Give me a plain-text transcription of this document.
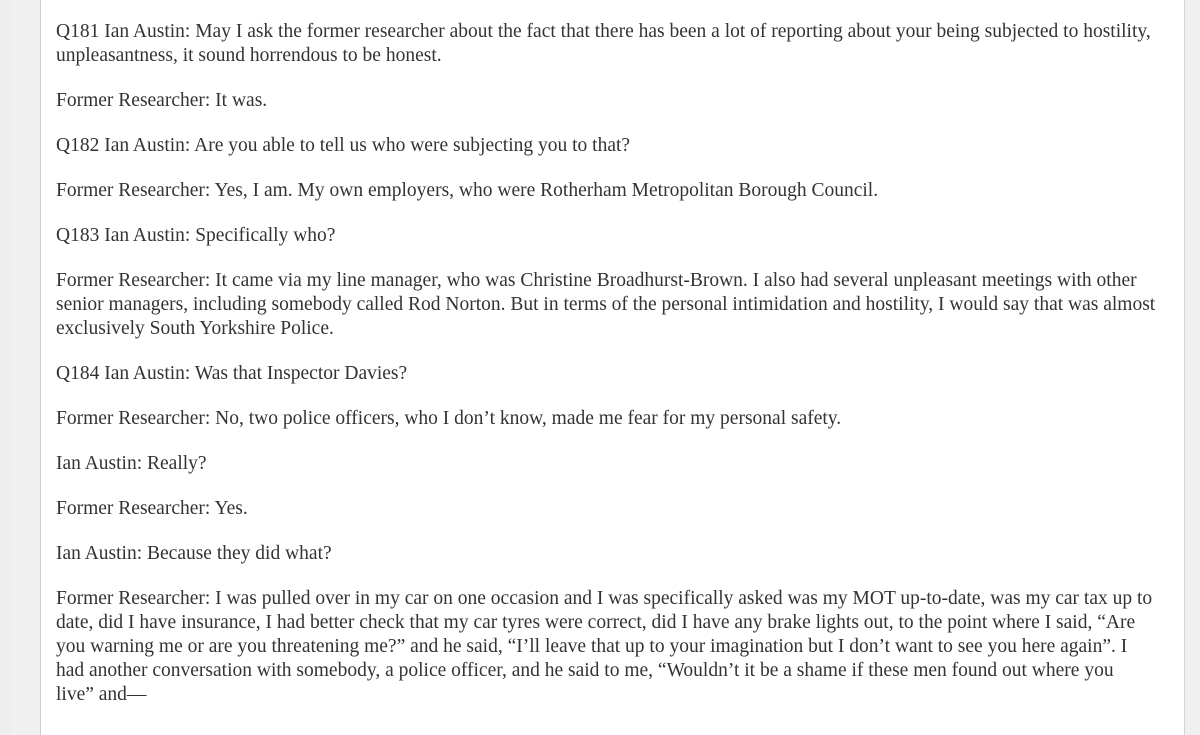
Q181 Ian Austin: May I ask the former researcher about the fact that there has been a lot of reporting about your being subjected to hostility, unpleasantness, it sound horrendous to be honest.

Former Researcher: It was.

Q182 Ian Austin: Are you able to tell us who were subjecting you to that?

Former Researcher: Yes, I am. My own employers, who were Rotherham Metropolitan Borough Council.

Q183 Ian Austin: Specifically who?

Former Researcher: It came via my line manager, who was Christine Broadhurst-Brown. I also had several unpleasant meetings with other senior managers, including somebody called Rod Norton. But in terms of the personal intimidation and hostility, I would say that was almost exclusively South Yorkshire Police.

Q184 Ian Austin: Was that Inspector Davies?

Former Researcher: No, two police officers, who I don’t know, made me fear for my personal safety.

Ian Austin: Really?

Former Researcher: Yes.

Ian Austin: Because they did what?

Former Researcher: I was pulled over in my car on one occasion and I was specifically asked was my MOT up-to-date, was my car tax up to date, did I have insurance, I had better check that my car tyres were correct, did I have any brake lights out, to the point where I said, “Are you warning me or are you threatening me?” and he said, “I’ll leave that up to your imagination but I don’t want to see you here again”. I had another conversation with somebody, a police officer, and he said to me, “Wouldn’t it be a shame if these men found out where you live” and—
